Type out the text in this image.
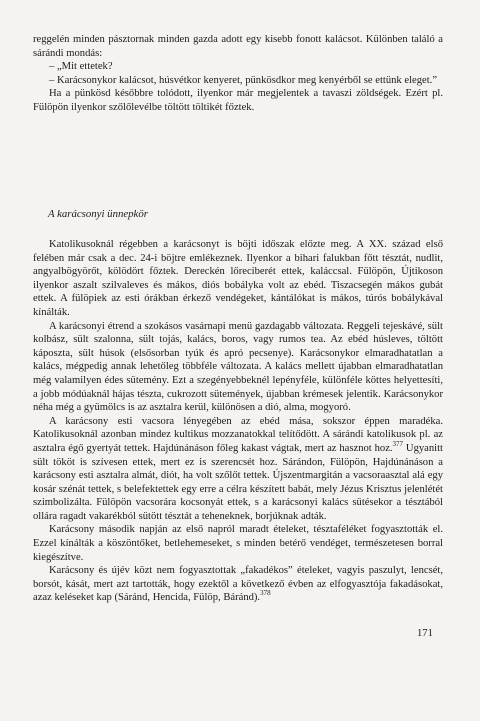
reggelén minden pásztornak minden gazda adott egy kisebb fonott kalácsot. Különben találó a sárándi mondás:

– „Mit ettetek?

– Karácsonykor kalácsot, húsvétkor kenyeret, pünkösdkor meg kenyérből se ettünk eleget.”

Ha a pünkösd későbbre tolódott, ilyenkor már megjelentek a tavaszi zöldségek. Ezért pl. Fülöpön ilyenkor szőlőlevélbe töltött töltikét főztek.

A karácsonyi ünnepkör

Katolikusoknál régebben a karácsonyt is böjti időszak előzte meg. A XX. század első felében már csak a dec. 24-i böjtre emlékeznek. Ilyenkor a bihari falukban főtt tésztát, nudlit, angyalbögyörőt, kölödört főztek. Dereckén lőreciberét ettek, kaláccsal. Fülöpön, Újtikoson ilyenkor aszalt szilvaleves és mákos, diós bobályka volt az ebéd. Tiszacsegén mákos gubát ettek. A fülöpiek az esti órákban érkező vendégeket, kántálókat is mákos, túrós bobálykával kínálták.

A karácsonyi étrend a szokásos vasárnapi menü gazdagabb változata. Reggeli tejeskávé, sült kolbász, sült szalonna, sült tojás, kalács, boros, vagy rumos tea. Az ebéd húsleves, töltött káposzta, sült húsok (elsősorban tyúk és apró pecsenye). Karácsonykor elmaradhatatlan a kalács, mégpedig annak lehetőleg többféle változata. A kalács mellett újabban elmaradhatatlan még valamilyen édes sütemény. Ezt a szegényebbeknél lepényféle, különféle köttes helyettesíti, a jobb módúaknál hájas tészta, cukrozott sütemények, újabban krémesek jelentik. Karácsonykor néha még a gyümölcs is az asztalra kerül, különösen a dió, alma, mogyoró.

A karácsony esti vacsora lényegében az ebéd mása, sokszor éppen maradéka. Katolikusoknál azonban mindez kultikus mozzanatokkal telítődött. A sárándi katolikusok pl. az asztalra égő gyertyát tettek. Hajdúnánáson főleg kakast vágtak, mert az hasznot hoz.$^{377}$ Ugyanitt sült tököt is szívesen ettek, mert ez is szerencsét hoz. Sárándon, Fülöpön, Hajdúnánáson a karácsony esti asztalra almát, diót, ha volt szőlőt tettek. Újszentmargitán a vacsoraasztal alá egy kosár szénát tettek, s belefektettek egy erre a célra készített babát, mely Jézus Krisztus jelenlétét szimbolizálta. Fülöpön vacsorára kocsonyát ettek, s a karácsonyi kalács sütésekor a tésztából ollára ragadt vakarékból sütött tésztát a teheneknek, borjúknak adták.

Karácsony második napján az első napról maradt ételeket, tésztaféléket fogyasztották el. Ezzel kínálták a köszöntőket, betlehemeseket, s minden betérő vendéget, természetesen borral kiegészítve.

Karácsony és újév közt nem fogyasztottak „fakadékos” ételeket, vagyis paszulyt, lencsét, borsót, kását, mert azt tartották, hogy ezektől a következő évben az elfogyasztója fakadásokat, azaz keléseket kap (Sáránd, Hencida, Fülöp, Báránd).$^{378}$

171
